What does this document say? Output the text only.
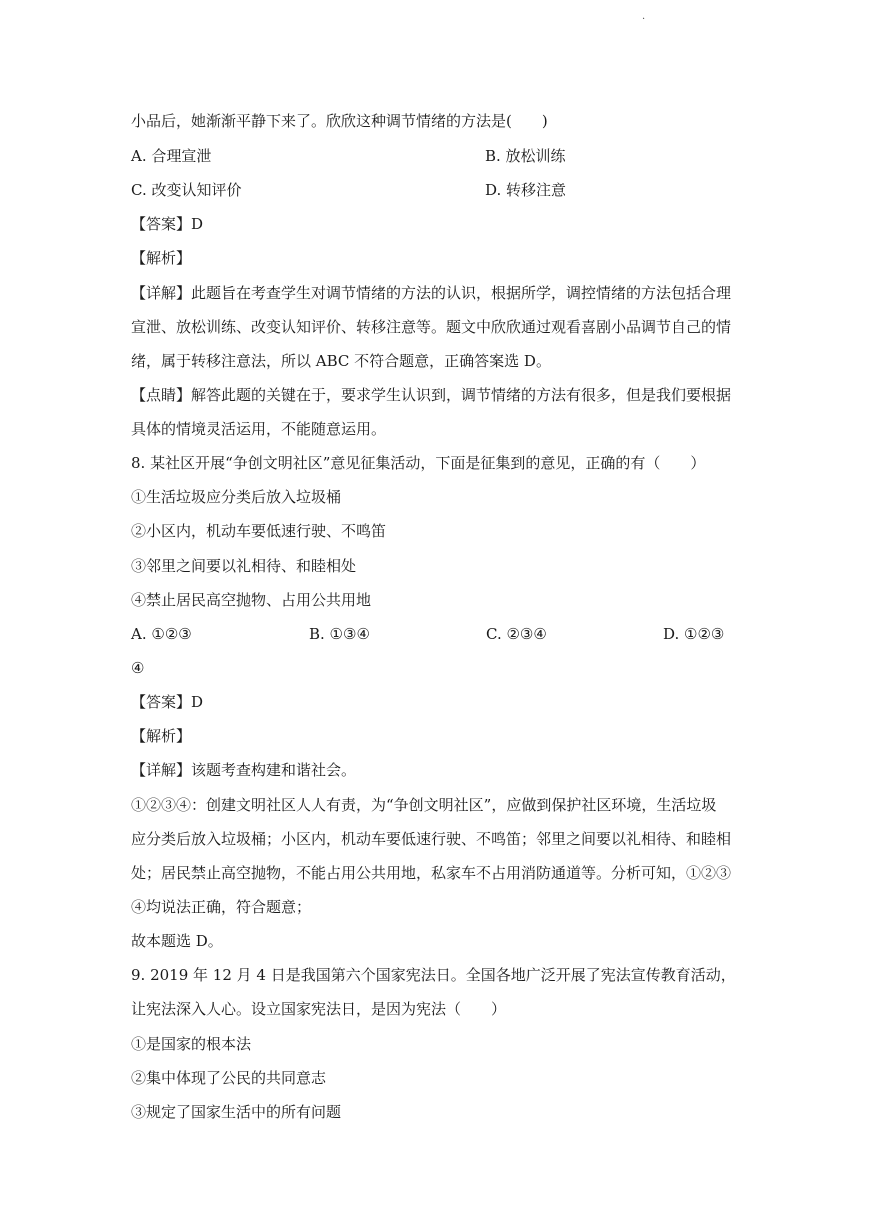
·
小品后，她渐渐平静下来了。欣欣这种调节情绪的方法是(　　)
A. 合理宣泄	B. 放松训练
C. 改变认知评价	D. 转移注意
【答案】D
【解析】
【详解】此题旨在考查学生对调节情绪的方法的认识，根据所学，调控情绪的方法包括合理
宣泄、放松训练、改变认知评价、转移注意等。题文中欣欣通过观看喜剧小品调节自己的情
绪，属于转移注意法，所以 ABC 不符合题意，正确答案选 D。
【点睛】解答此题的关键在于，要求学生认识到，调节情绪的方法有很多，但是我们要根据
具体的情境灵活运用，不能随意运用。
8. 某社区开展“争创文明社区”意见征集活动，下面是征集到的意见，正确的有（　　）
①生活垃圾应分类后放入垃圾桶
②小区内，机动车要低速行驶、不鸣笛
③邻里之间要以礼相待、和睦相处
④禁止居民高空抛物、占用公共用地
A. ①②③	B. ①③④	C. ②③④	D. ①②③
④
【答案】D
【解析】
【详解】该题考查构建和谐社会。
①②③④：创建文明社区人人有责，为“争创文明社区”，应做到保护社区环境，生活垃圾
应分类后放入垃圾桶；小区内，机动车要低速行驶、不鸣笛；邻里之间要以礼相待、和睦相
处；居民禁止高空抛物，不能占用公共用地，私家车不占用消防通道等。分析可知，①②③
④均说法正确，符合题意；
故本题选 D。
9. 2019 年 12 月 4 日是我国第六个国家宪法日。全国各地广泛开展了宪法宣传教育活动，
让宪法深入人心。设立国家宪法日，是因为宪法（　　）
①是国家的根本法
②集中体现了公民的共同意志
③规定了国家生活中的所有问题
